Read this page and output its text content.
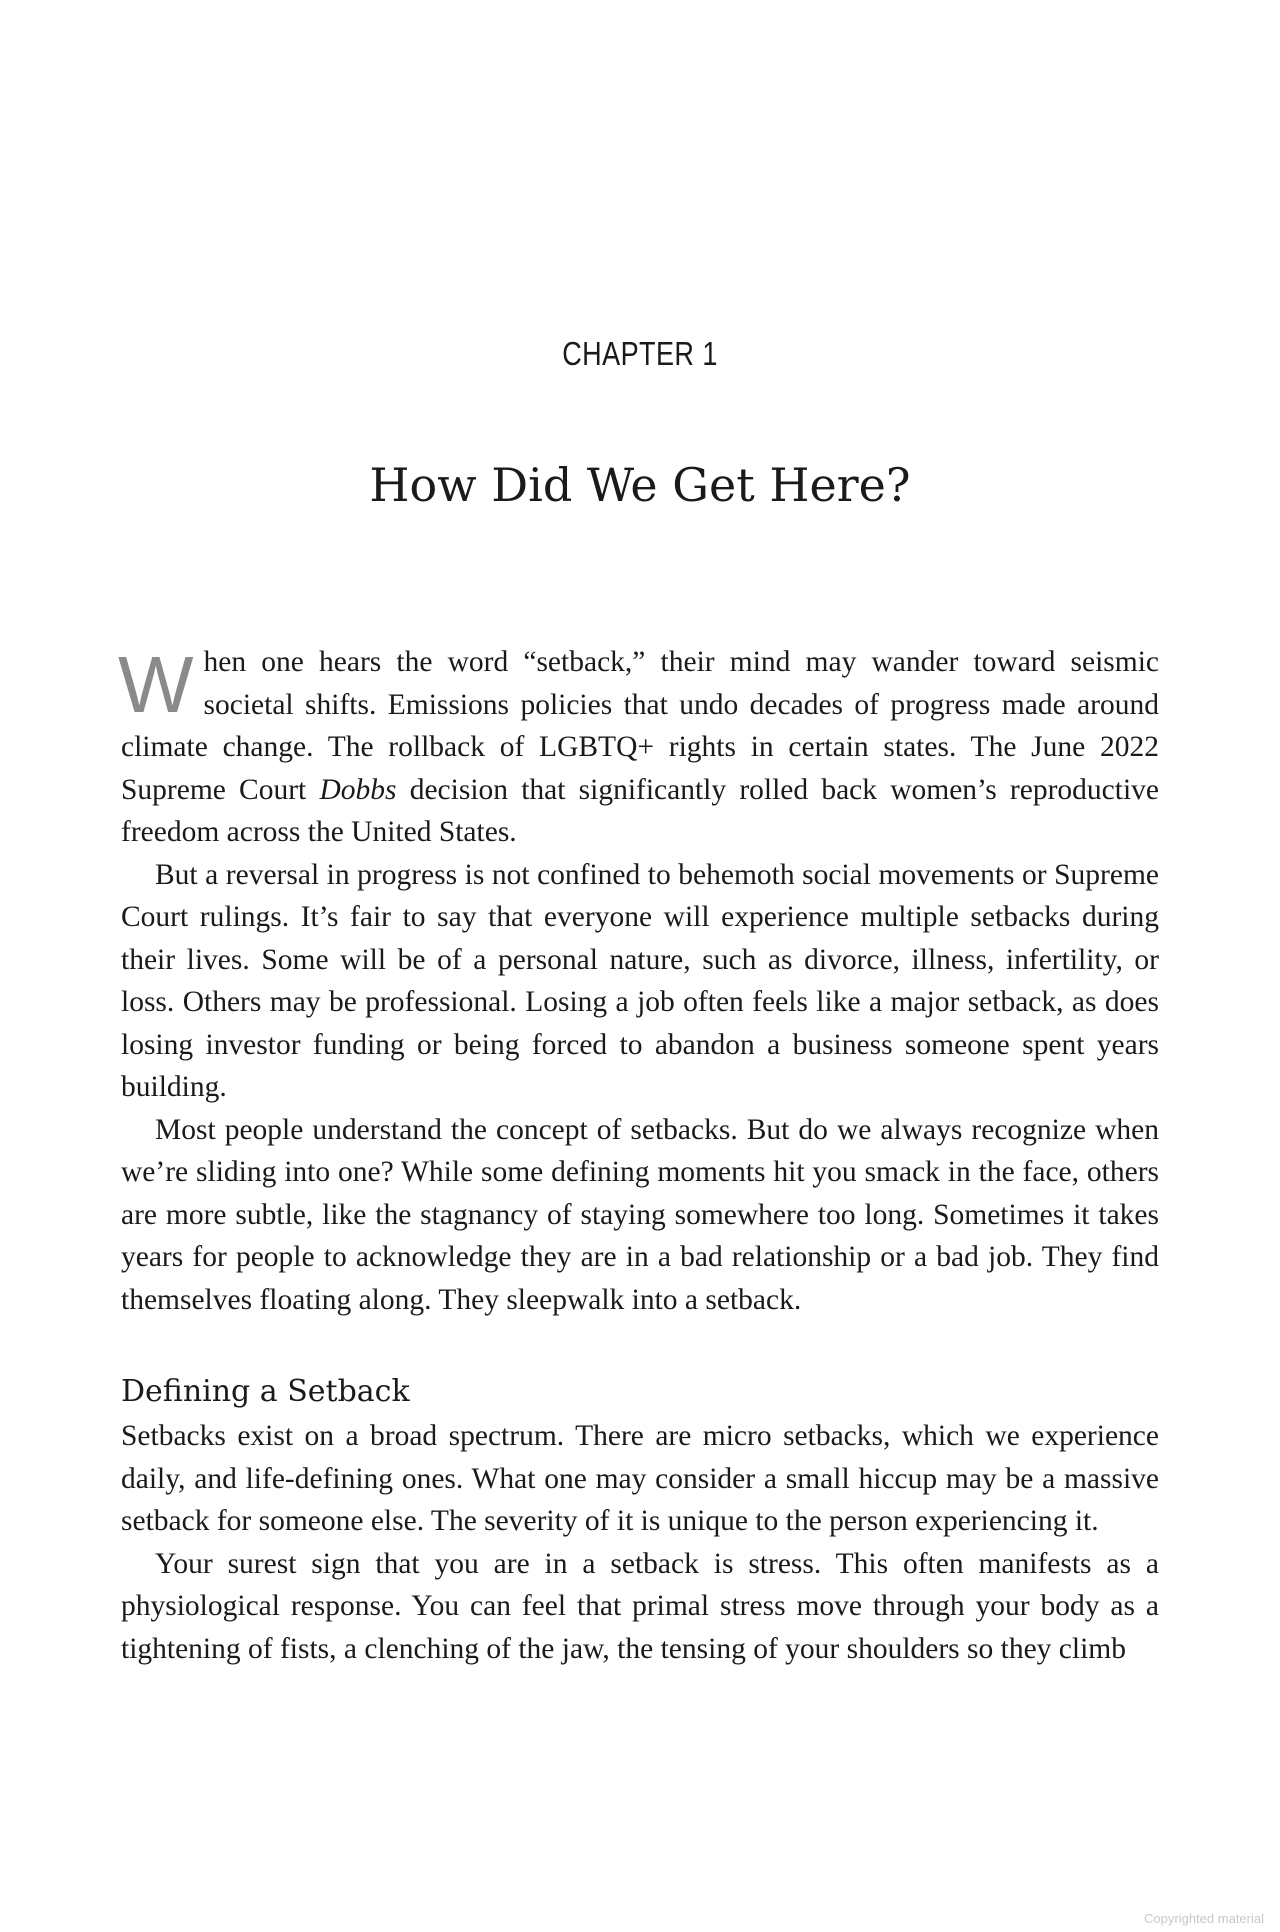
CHAPTER 1
How Did We Get Here?

When one hears the word “setback,” their mind may wander toward seismic societal shifts. Emissions policies that undo decades of progress made around climate change. The rollback of LGBTQ+ rights in certain states. The June 2022 Supreme Court Dobbs decision that significantly rolled back women’s reproductive freedom across the United States.

But a reversal in progress is not confined to behemoth social movements or Supreme Court rulings. It’s fair to say that everyone will experience multiple setbacks during their lives. Some will be of a personal nature, such as divorce, illness, infertility, or loss. Others may be professional. Losing a job often feels like a major setback, as does losing investor funding or being forced to abandon a business someone spent years building.

Most people understand the concept of setbacks. But do we always recognize when we’re sliding into one? While some defining moments hit you smack in the face, others are more subtle, like the stagnancy of staying somewhere too long. Sometimes it takes years for people to acknowledge they are in a bad relationship or a bad job. They find themselves floating along. They sleepwalk into a setback.

Defining a Setback

Setbacks exist on a broad spectrum. There are micro setbacks, which we experience daily, and life-defining ones. What one may consider a small hiccup may be a massive setback for someone else. The severity of it is unique to the person experiencing it.

Your surest sign that you are in a setback is stress. This often manifests as a physiological response. You can feel that primal stress move through your body as a tightening of fists, a clenching of the jaw, the tensing of your shoulders so they climb

Copyrighted material
